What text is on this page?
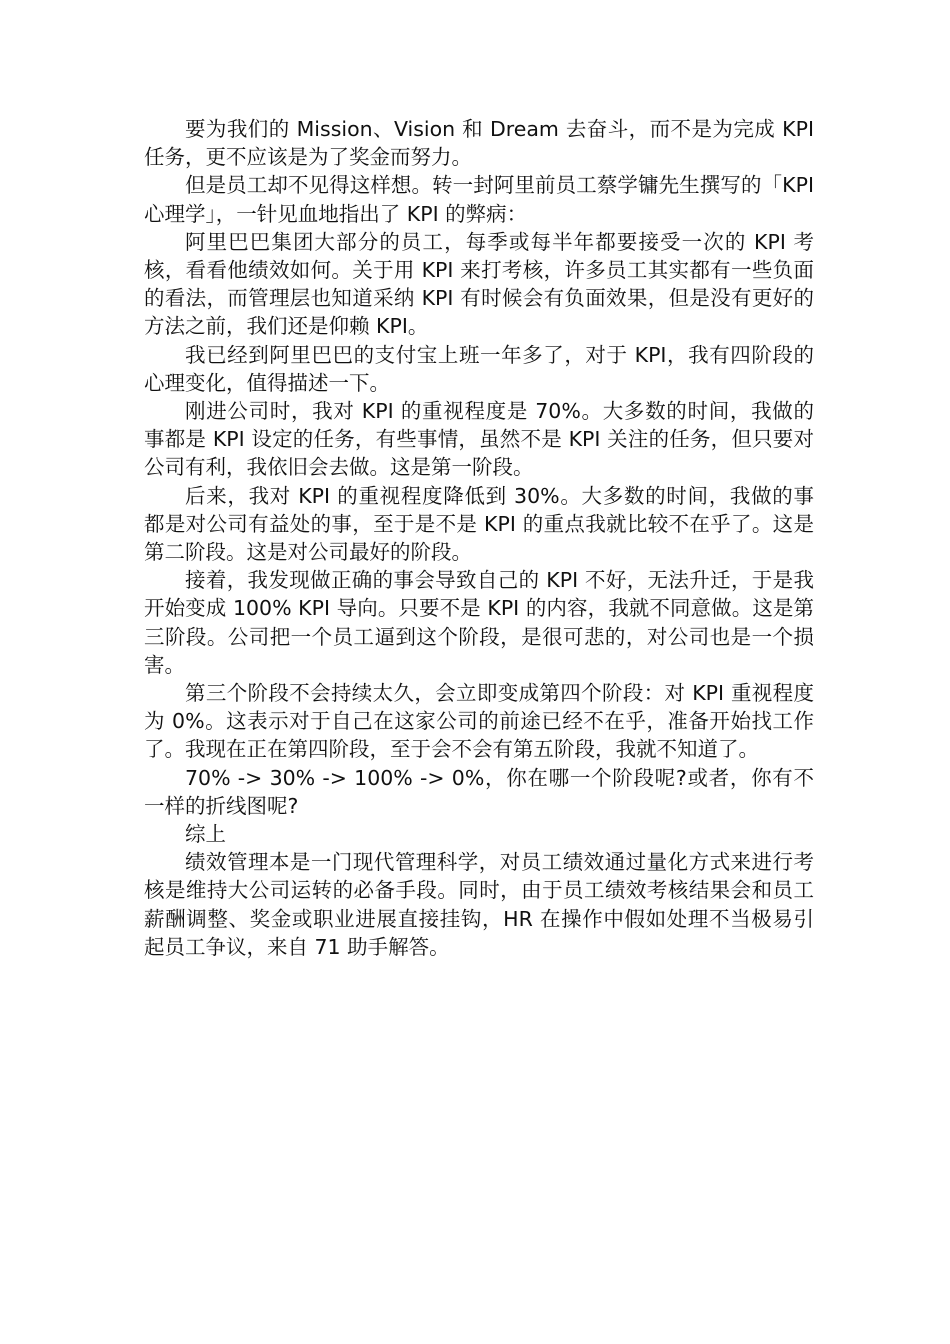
要为我们的 Mission、Vision 和 Dream 去奋斗，而不是为完成 KPI 任务，更不应该是为了奖金而努力。

但是员工却不见得这样想。转一封阿里前员工蔡学镛先生撰写的「KPI 心理学」，一针见血地指出了 KPI 的弊病：

阿里巴巴集团大部分的员工，每季或每半年都要接受一次的 KPI 考核，看看他绩效如何。关于用 KPI 来打考核，许多员工其实都有一些负面的看法，而管理层也知道采纳 KPI 有时候会有负面效果，但是没有更好的方法之前，我们还是仰赖 KPI。

我已经到阿里巴巴的支付宝上班一年多了，对于 KPI，我有四阶段的心理变化，值得描述一下。

刚进公司时，我对 KPI 的重视程度是 70%。大多数的时间，我做的事都是 KPI 设定的任务，有些事情，虽然不是 KPI 关注的任务，但只要对公司有利，我依旧会去做。这是第一阶段。

后来，我对 KPI 的重视程度降低到 30%。大多数的时间，我做的事都是对公司有益处的事，至于是不是 KPI 的重点我就比较不在乎了。这是第二阶段。这是对公司最好的阶段。

接着，我发现做正确的事会导致自己的 KPI 不好，无法升迁，于是我开始变成 100% KPI 导向。只要不是 KPI 的内容，我就不同意做。这是第三阶段。公司把一个员工逼到这个阶段，是很可悲的，对公司也是一个损害。

第三个阶段不会持续太久，会立即变成第四个阶段：对 KPI 重视程度为 0%。这表示对于自己在这家公司的前途已经不在乎，准备开始找工作了。我现在正在第四阶段，至于会不会有第五阶段，我就不知道了。

70% -> 30% -> 100% -> 0%，你在哪一个阶段呢?或者，你有不一样的折线图呢?

综上

绩效管理本是一门现代管理科学，对员工绩效通过量化方式来进行考核是维持大公司运转的必备手段。同时，由于员工绩效考核结果会和员工薪酬调整、奖金或职业进展直接挂钩，HR 在操作中假如处理不当极易引起员工争议，来自 71 助手解答。
